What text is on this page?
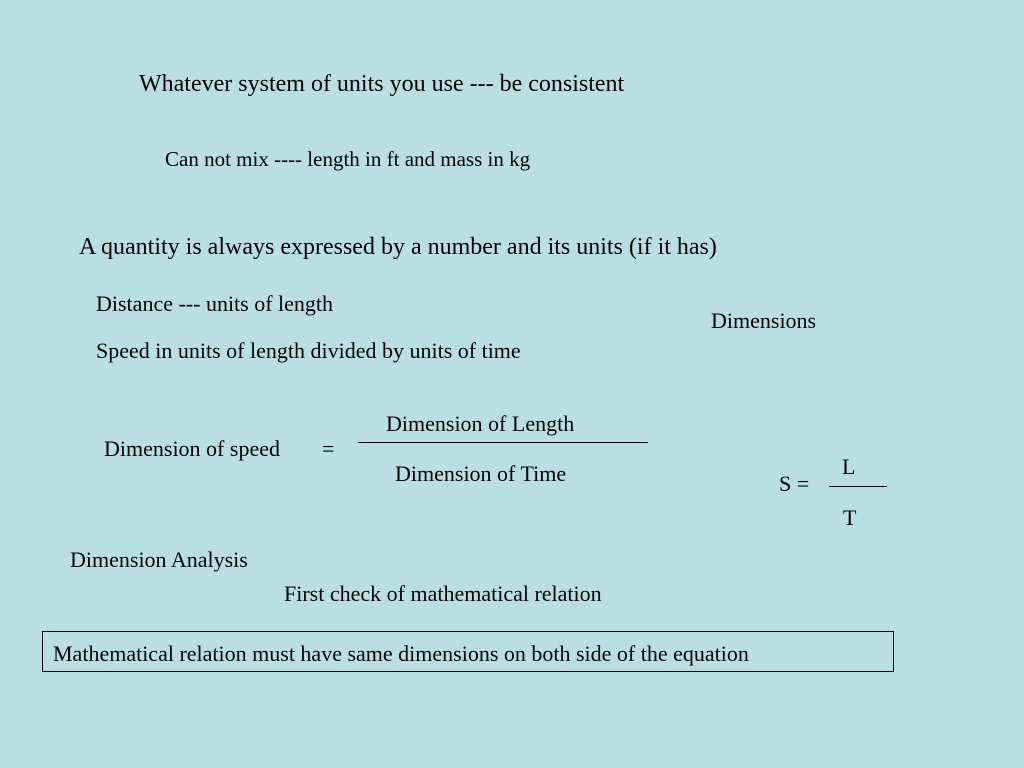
Whatever system of units you use --- be consistent
Can not mix ---- length in ft and mass in kg
A quantity is always expressed by a number and its units (if it has)
Distance --- units of length
Dimensions
Speed in units of length divided by units of time
Dimension of speed =
Dimension of Length
Dimension of Time	S =
L
T
Dimension Analysis
First check of mathematical relation
Mathematical relation must have same dimensions on both side of the equation
